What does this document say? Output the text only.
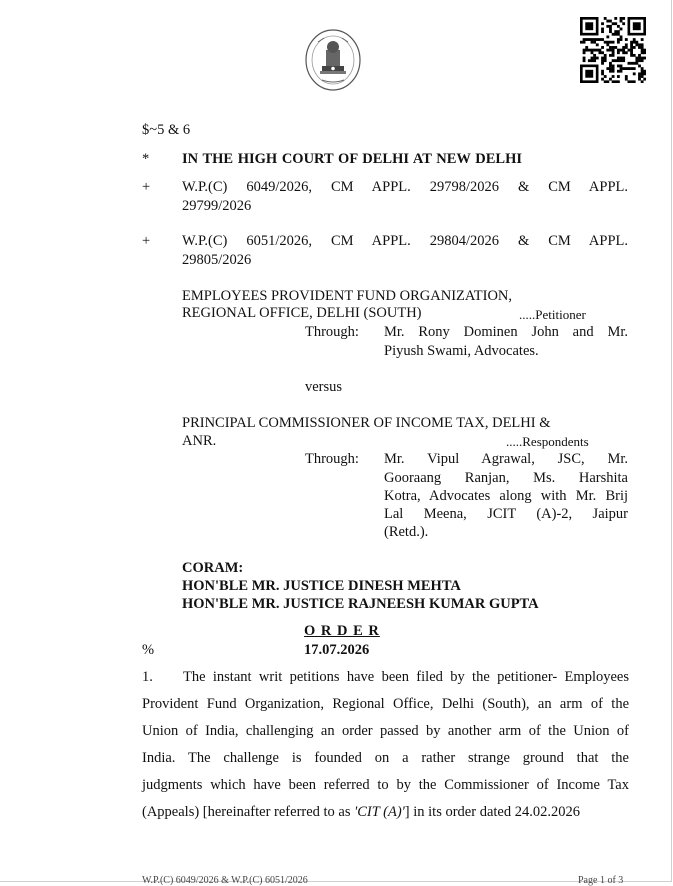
$~5 & 6
* IN THE HIGH COURT OF DELHI AT NEW DELHI
+ W.P.(C) 6049/2026, CM APPL. 29798/2026 & CM APPL.
29799/2026
+ W.P.(C) 6051/2026, CM APPL. 29804/2026 & CM APPL.
29805/2026
EMPLOYEES PROVIDENT FUND ORGANIZATION,
REGIONAL OFFICE, DELHI (SOUTH)	.....Petitioner
Through: Mr. Rony Dominen John and Mr.
Piyush Swami, Advocates.
versus
PRINCIPAL COMMISSIONER OF INCOME TAX, DELHI &
ANR.	.....Respondents
Through: Mr. Vipul Agrawal, JSC, Mr.
Gooraang Ranjan, Ms. Harshita
Kotra, Advocates along with Mr. Brij
Lal Meena, JCIT (A)-2, Jaipur
(Retd.).
CORAM:
HON'BLE MR. JUSTICE DINESH MEHTA
HON'BLE MR. JUSTICE RAJNEESH KUMAR GUPTA
O R D E R
%	17.07.2026
1. The instant writ petitions have been filed by the petitioner- Employees
Provident Fund Organization, Regional Office, Delhi (South), an arm of the
Union of India, challenging an order passed by another arm of the Union of
India. The challenge is founded on a rather strange ground that the
judgments which have been referred to by the Commissioner of Income Tax
(Appeals) [hereinafter referred to as 'CIT (A)'] in its order dated 24.02.2026
W.P.(C) 6049/2026 & W.P.(C) 6051/2026	Page 1 of 3
